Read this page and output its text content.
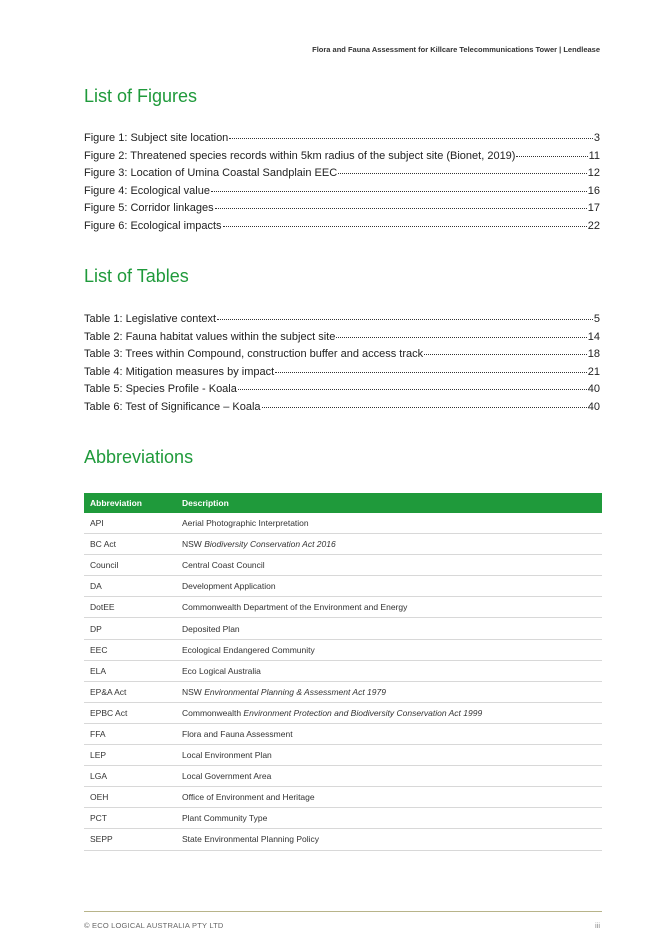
Flora and Fauna Assessment for Killcare Telecommunications Tower | Lendlease
List of Figures
Figure 1: Subject site location	3
Figure 2: Threatened species records within 5km radius of the subject site (Bionet, 2019)	11
Figure 3: Location of Umina Coastal Sandplain EEC	12
Figure 4: Ecological value	16
Figure 5: Corridor linkages	17
Figure 6: Ecological impacts	22
List of Tables
Table 1: Legislative context	5
Table 2: Fauna habitat values within the subject site	14
Table 3: Trees within Compound, construction buffer and access track	18
Table 4: Mitigation measures by impact	21
Table 5: Species Profile - Koala	40
Table 6: Test of Significance – Koala	40
Abbreviations
Abbreviation	Description
API	Aerial Photographic Interpretation
BC Act	NSW Biodiversity Conservation Act 2016
Council	Central Coast Council
DA	Development Application
DotEE	Commonwealth Department of the Environment and Energy
DP	Deposited Plan
EEC	Ecological Endangered Community
ELA	Eco Logical Australia
EP&A Act	NSW Environmental Planning & Assessment Act 1979
EPBC Act	Commonwealth Environment Protection and Biodiversity Conservation Act 1999
FFA	Flora and Fauna Assessment
LEP	Local Environment Plan
LGA	Local Government Area
OEH	Office of Environment and Heritage
PCT	Plant Community Type
SEPP	State Environmental Planning Policy
© ECO LOGICAL AUSTRALIA PTY LTD	iii
